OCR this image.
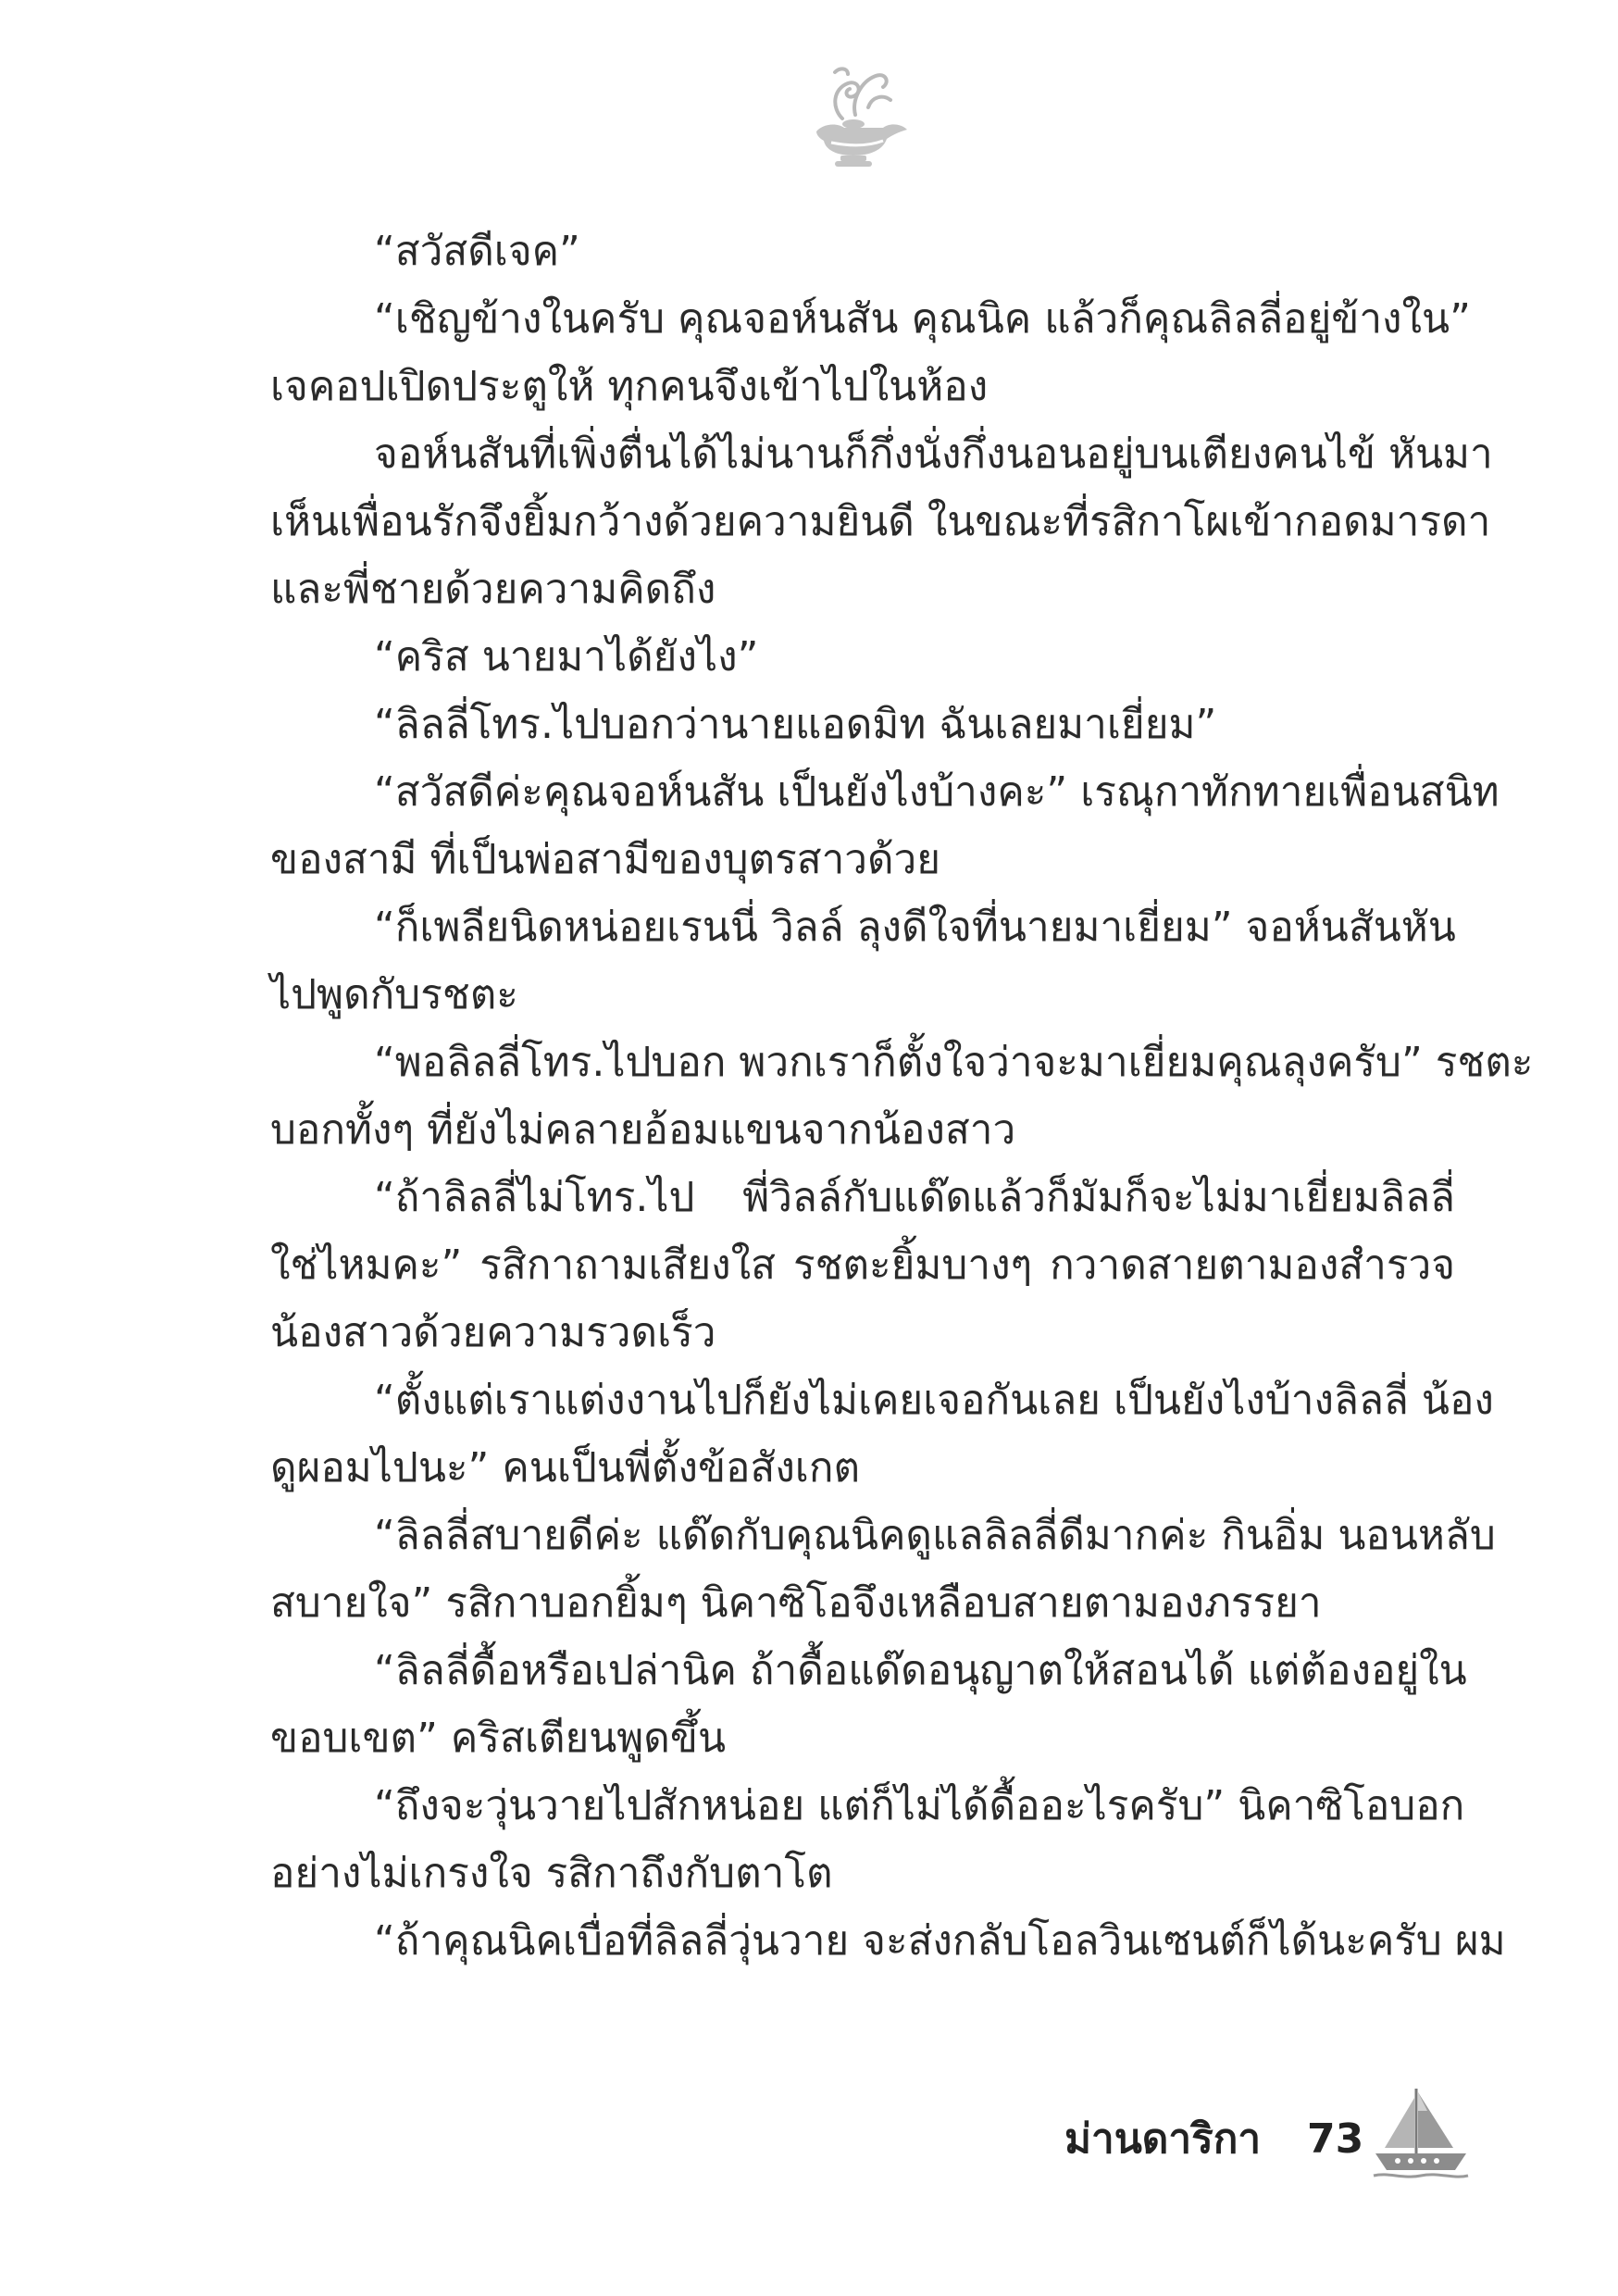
“สวัสดีเจค”
“เชิญข้างในครับ คุณจอห์นสัน คุณนิค แล้วก็คุณลิลลี่อยู่ข้างใน”
เจคอปเปิดประตูให้ ทุกคนจึงเข้าไปในห้อง
จอห์นสันที่เพิ่งตื่นได้ไม่นานก็กึ่งนั่งกึ่งนอนอยู่บนเตียงคนไข้ หันมา
เห็นเพื่อนรักจึงยิ้มกว้างด้วยความยินดี ในขณะที่รสิกาโผเข้ากอดมารดา
และพี่ชายด้วยความคิดถึง
“คริส นายมาได้ยังไง”
“ลิลลี่โทร.ไปบอกว่านายแอดมิท ฉันเลยมาเยี่ยม”
“สวัสดีค่ะคุณจอห์นสัน เป็นยังไงบ้างคะ” เรณุกาทักทายเพื่อนสนิท
ของสามี ที่เป็นพ่อสามีของบุตรสาวด้วย
“ก็เพลียนิดหน่อยเรนนี่ วิลล์ ลุงดีใจที่นายมาเยี่ยม” จอห์นสันหัน
ไปพูดกับรชตะ
“พอลิลลี่โทร.ไปบอก พวกเราก็ตั้งใจว่าจะมาเยี่ยมคุณลุงครับ” รชตะ
บอกทั้งๆ ที่ยังไม่คลายอ้อมแขนจากน้องสาว
“ถ้าลิลลี่ไม่โทร.ไป พี่วิลล์กับแด๊ดแล้วก็มัมก็จะไม่มาเยี่ยมลิลลี่
ใช่ไหมคะ” รสิกาถามเสียงใส รชตะยิ้มบางๆ กวาดสายตามองสำรวจ
น้องสาวด้วยความรวดเร็ว
“ตั้งแต่เราแต่งงานไปก็ยังไม่เคยเจอกันเลย เป็นยังไงบ้างลิลลี่ น้อง
ดูผอมไปนะ” คนเป็นพี่ตั้งข้อสังเกต
“ลิลลี่สบายดีค่ะ แด๊ดกับคุณนิคดูแลลิลลี่ดีมากค่ะ กินอิ่ม นอนหลับ
สบายใจ” รสิกาบอกยิ้มๆ นิคาซิโอจึงเหลือบสายตามองภรรยา
“ลิลลี่ดื้อหรือเปล่านิค ถ้าดื้อแด๊ดอนุญาตให้สอนได้ แต่ต้องอยู่ใน
ขอบเขต” คริสเตียนพูดขึ้น
“ถึงจะวุ่นวายไปสักหน่อย แต่ก็ไม่ได้ดื้ออะไรครับ” นิคาซิโอบอก
อย่างไม่เกรงใจ รสิกาถึงกับตาโต
“ถ้าคุณนิคเบื่อที่ลิลลี่วุ่นวาย จะส่งกลับโอลวินเซนต์ก็ได้นะครับ ผม
ม่านดาริกา 73
